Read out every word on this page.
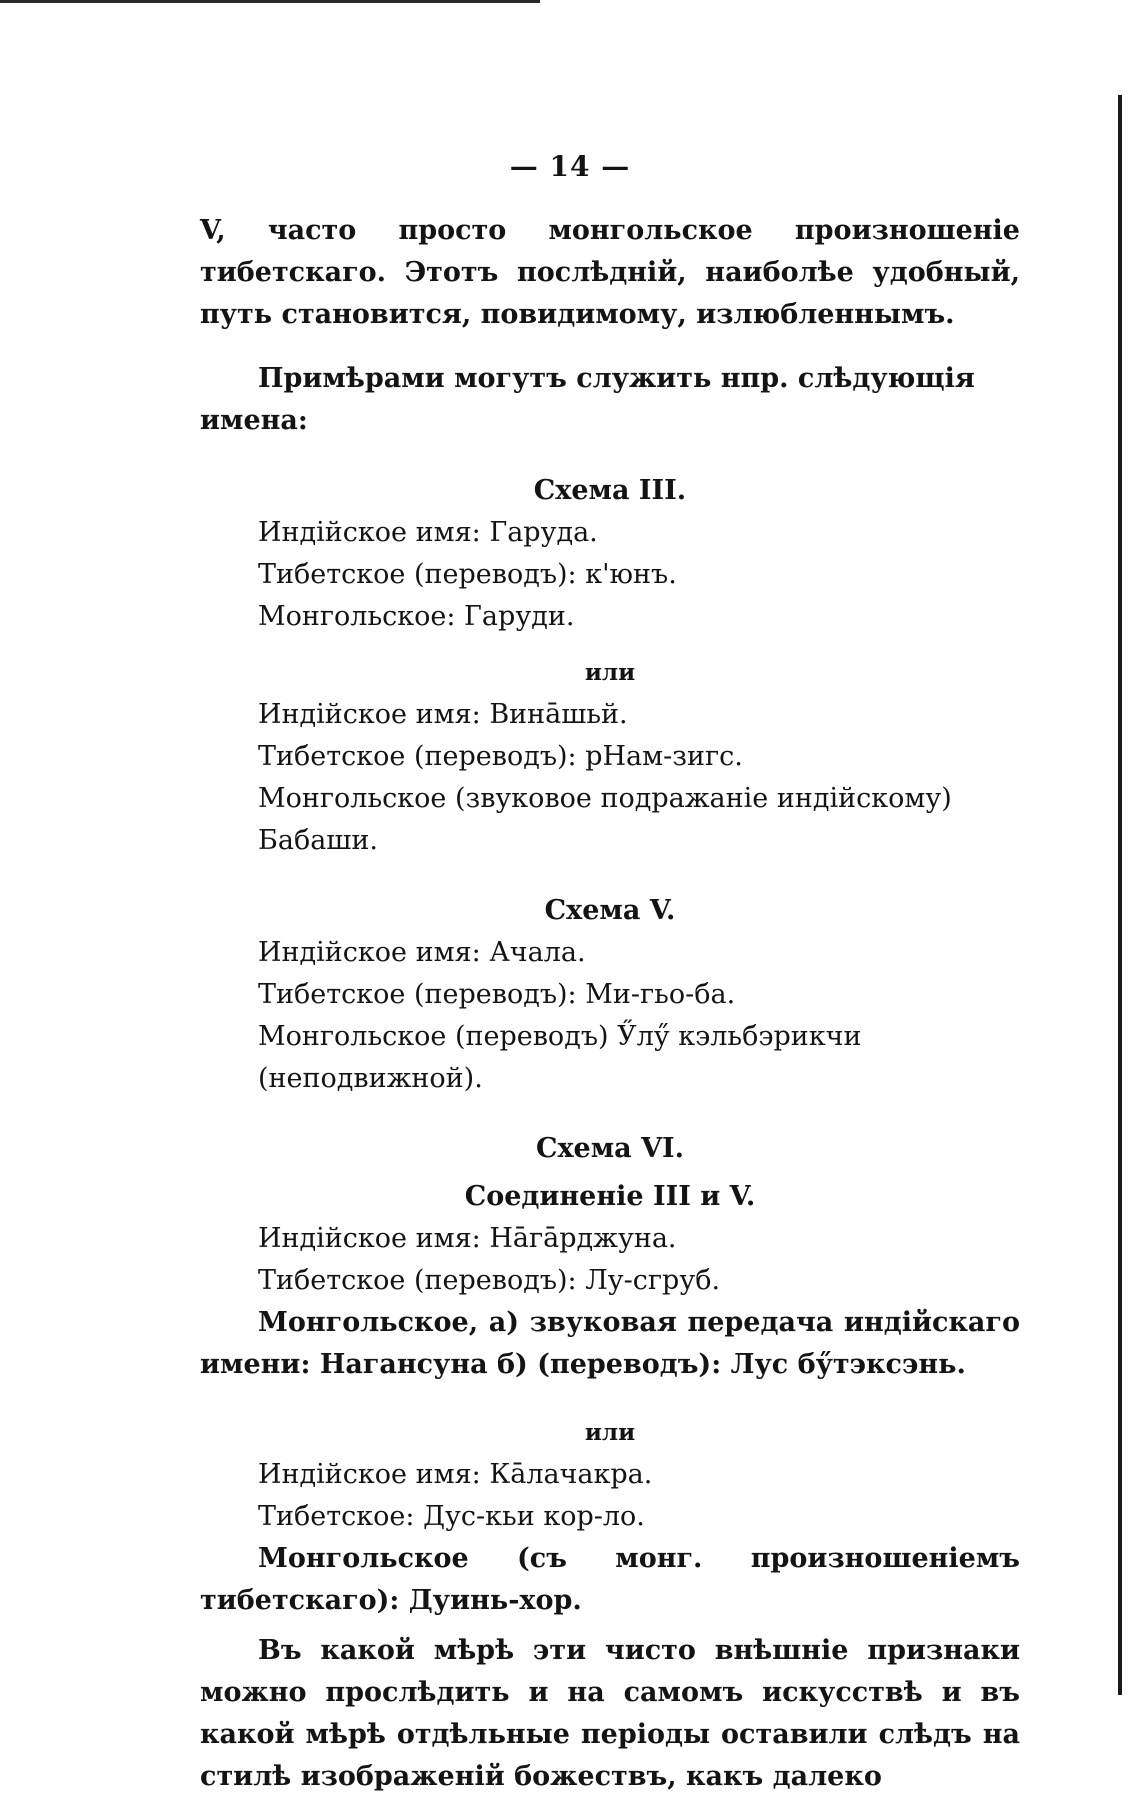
— 14 —

V, часто просто монгольское произношеніе тибетскаго. Этотъ послѣдній, наиболѣе удобный, путь становится, повидимому, излюбленнымъ.

Примѣрами могутъ служить нпр. слѣдующія имена:

Схема III.

Индійское имя: Гаруда.

Тибетское (переводъ): к'юнъ.

Монгольское: Гаруди.

или

Индійское имя: Винāшьй.

Тибетское (переводъ): рНам-зигс.

Монгольское (звуковое подражаніе индійскому) Бабаши.

Схема V.

Индійское имя: Ачала.

Тибетское (переводъ): Ми-гьо-ба.

Монгольское (переводъ) Ӳлӳ кэльбэрикчи (неподвижной).

Схема VI.

Соединеніе III и V.

Индійское имя: Нāгāрджуна.

Тибетское (переводъ): Лу-сгруб.

Монгольское, а) звуковая передача индійскаго имени: Нагансуна б) (переводъ): Лус бӳтэксэнь.

или

Индійское имя: Кāлачакра.

Тибетское: Дус-кьи кор-ло.

Монгольское (съ монг. произношеніемъ тибетскаго): Дуинь-хор.

Въ какой мѣрѣ эти чисто внѣшніе признаки можно прослѣдить и на самомъ искусствѣ и въ какой мѣрѣ отдѣльные періоды оставили слѣдъ на стилѣ изображеній божествъ, какъ далеко
